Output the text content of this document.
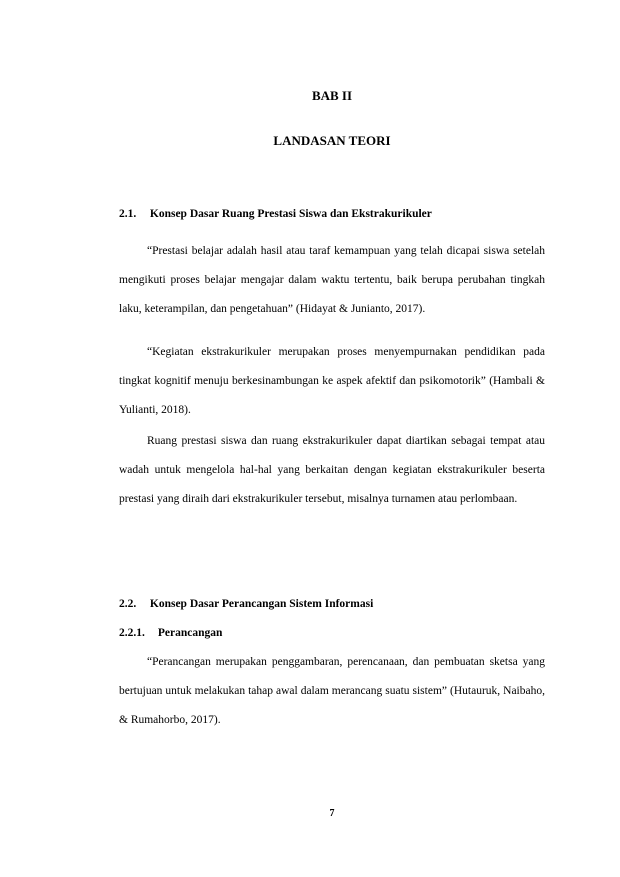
BAB II
LANDASAN TEORI
2.1. Konsep Dasar Ruang Prestasi Siswa dan Ekstrakurikuler

“Prestasi belajar adalah hasil atau taraf kemampuan yang telah dicapai siswa setelah mengikuti proses belajar mengajar dalam waktu tertentu, baik berupa perubahan tingkah laku, keterampilan, dan pengetahuan” (Hidayat & Junianto, 2017).

“Kegiatan ekstrakurikuler merupakan proses menyempurnakan pendidikan pada tingkat kognitif menuju berkesinambungan ke aspek afektif dan psikomotorik” (Hambali & Yulianti, 2018).

Ruang prestasi siswa dan ruang ekstrakurikuler dapat diartikan sebagai tempat atau wadah untuk mengelola hal-hal yang berkaitan dengan kegiatan ekstrakurikuler beserta prestasi yang diraih dari ekstrakurikuler tersebut, misalnya turnamen atau perlombaan.

2.2. Konsep Dasar Perancangan Sistem Informasi
2.2.1. Perancangan

“Perancangan merupakan penggambaran, perencanaan, dan pembuatan sketsa yang bertujuan untuk melakukan tahap awal dalam merancang suatu sistem” (Hutauruk, Naibaho, & Rumahorbo, 2017).

7
